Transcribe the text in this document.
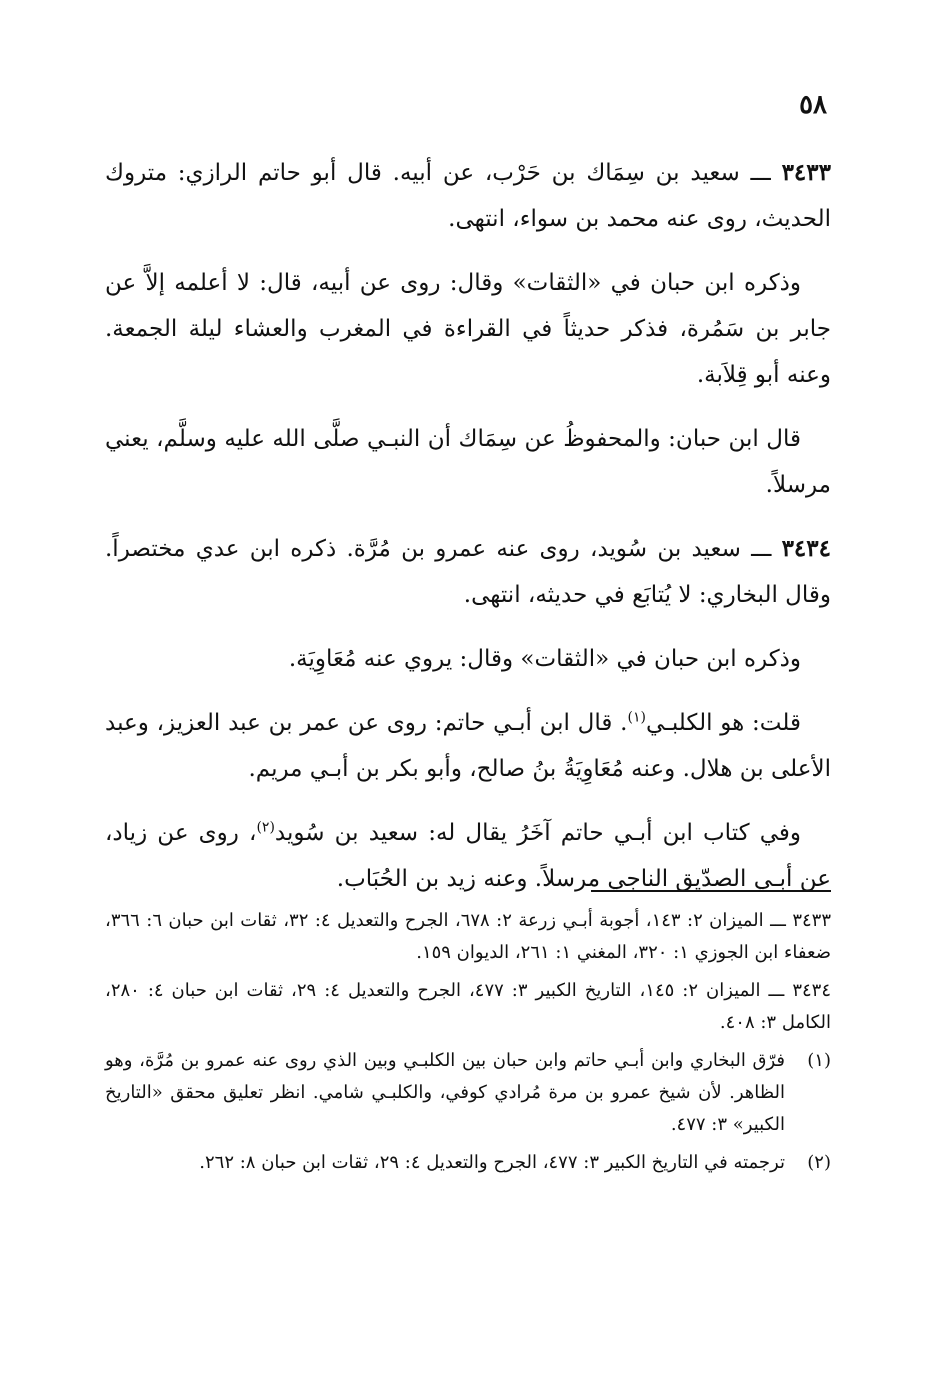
٥٨

٣٤٣٣ ـــ سعيد بن سِمَاك بن حَرْب، عن أبيه. قال أبو حاتم الرازي: متروك الحديث، روى عنه محمد بن سواء، انتهى.

وذكره ابن حبان في «الثقات» وقال: روى عن أبيه، قال: لا أعلمه إلاَّ عن جابر بن سَمُرة، فذكر حديثاً في القراءة في المغرب والعشاء ليلة الجمعة. وعنه أبو قِلاَبة.

قال ابن حبان: والمحفوظُ عن سِمَاك أن النبـي صلَّى الله عليه وسلَّم، يعني مرسلاً.

٣٤٣٤ ـــ سعيد بن سُويد، روى عنه عمرو بن مُرَّة. ذكره ابن عدي مختصراً. وقال البخاري: لا يُتابَع في حديثه، انتهى.

وذكره ابن حبان في «الثقات» وقال: يروي عنه مُعَاوِيَة.

قلت: هو الكلبـي$^{(١)}$. قال ابن أبـي حاتم: روى عن عمر بن عبد العزيز، وعبد الأعلى بن هلال. وعنه مُعَاوِيَةُ بنُ صالح، وأبو بكر بن أبـي مريم.

وفي كتاب ابن أبـي حاتم آخَرُ يقال له: سعيد بن سُويد$^{(٢)}$، روى عن زياد، عن أبـي الصدّيق الناجي مرسلاً. وعنه زيد بن الحُبَاب.

٣٤٣٣ ـــ الميزان ٢: ١٤٣، أجوبة أبـي زرعة ٢: ٦٧٨، الجرح والتعديل ٤: ٣٢، ثقات ابن حبان ٦: ٣٦٦، ضعفاء ابن الجوزي ١: ٣٢٠، المغني ١: ٢٦١، الديوان ١٥٩.
٣٤٣٤ ـــ الميزان ٢: ١٤٥، التاريخ الكبير ٣: ٤٧٧، الجرح والتعديل ٤: ٢٩، ثقات ابن حبان ٤: ٢٨٠، الكامل ٣: ٤٠٨.
(١)
فرّق البخاري وابن أبـي حاتم وابن حبان بين الكلبـي وبين الذي روى عنه عمرو بن مُرَّة، وهو الظاهر. لأن شيخ عمرو بن مرة مُرادي كوفي، والكلبـي شامي. انظر تعليق محقق «التاريخ الكبير» ٣: ٤٧٧.
(٢)
ترجمته في التاريخ الكبير ٣: ٤٧٧، الجرح والتعديل ٤: ٢٩، ثقات ابن حبان ٨: ٢٦٢.
